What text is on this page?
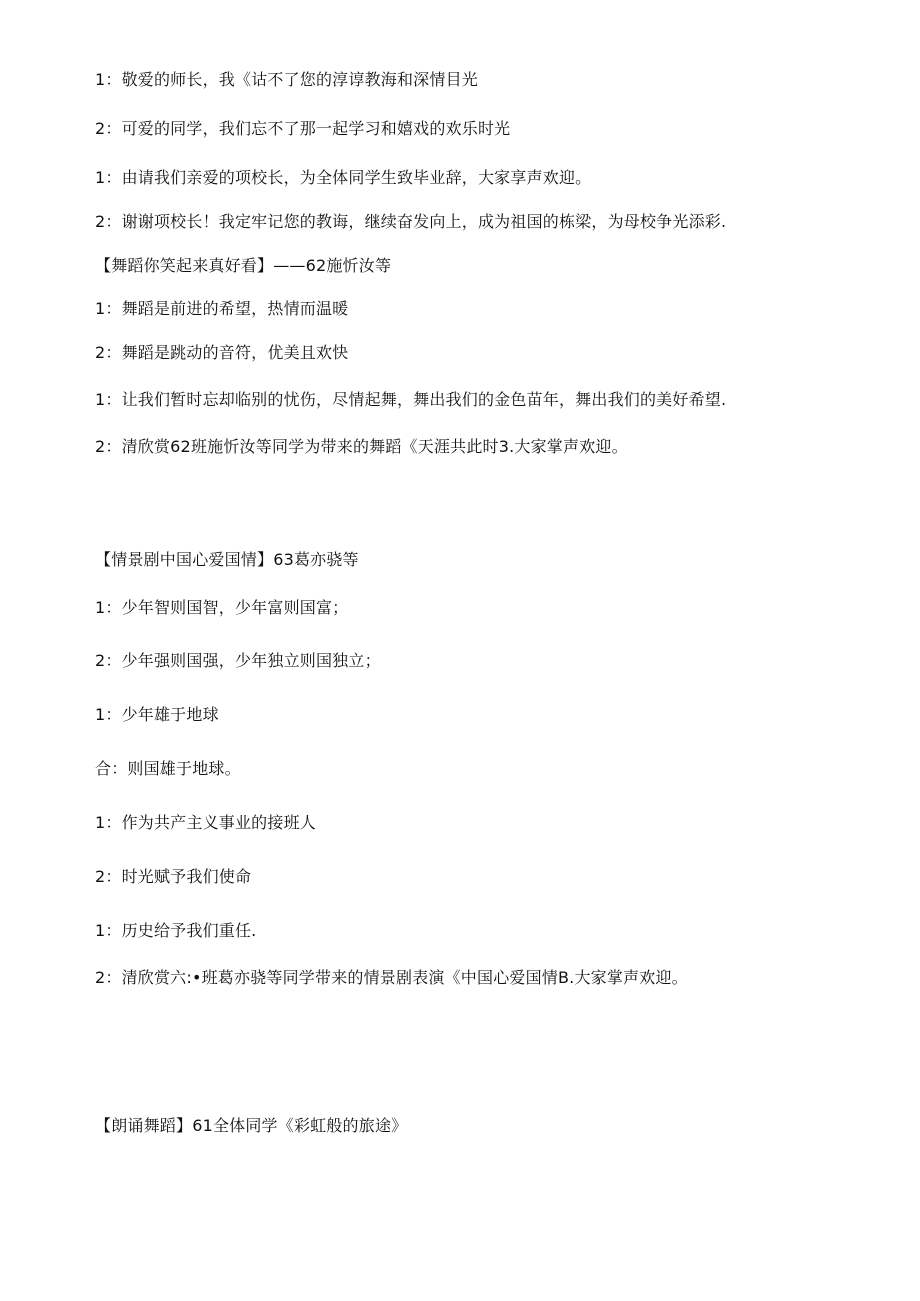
1：敬爱的师长，我《诂不了您的淳谆教海和深情目光
2：可爱的同学，我们忘不了那一起学习和嬉戏的欢乐时光
1：由请我们亲爱的项校长，为全体同学生致毕业辞，大家享声欢迎。
2：谢谢项校长！我定牢记您的教诲，继续奋发向上，成为祖国的栋梁，为母校争光添彩.
【舞蹈你笑起来真好看】——62施忻汝等
1：舞蹈是前进的希望，热情而温暖
2：舞蹈是跳动的音符，优美且欢快
1：让我们暂时忘却临别的忧伤，尽情起舞，舞出我们的金色苗年，舞出我们的美好希望.
2：清欣赏62班施忻汝等同学为带来的舞蹈《天涯共此时3.大家掌声欢迎。
【情景剧中国心爱国情】63葛亦骁等
1：少年智则国智，少年富则国富；
2：少年强则国强，少年独立则国独立；
1：少年雄于地球
合：则国雄于地球。
1：作为共产主义事业的接班人
2：时光赋予我们使命
1：历史给予我们重任.
2：清欣赏六:•班葛亦骁等同学带来的情景剧表演《中国心爱国情B.大家掌声欢迎。
【朗诵舞蹈】61全体同学《彩虹般的旅途》
